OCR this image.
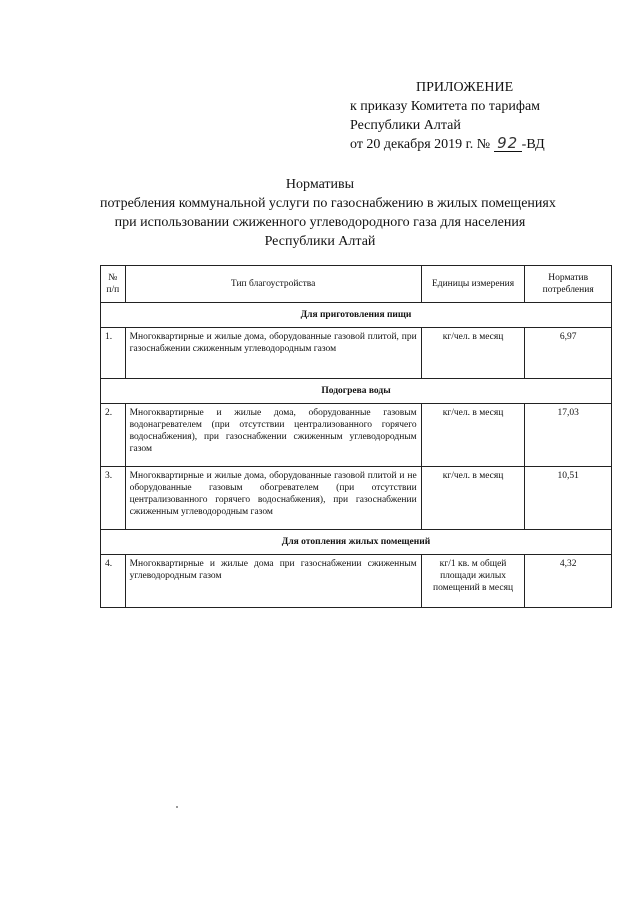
ПРИЛОЖЕНИЕ
к приказу Комитета по тарифам
Республики Алтай
от 20 декабря 2019 г. № 92 -ВД
Нормативы
потребления коммунальной услуги по газоснабжению в жилых помещениях
при использовании сжиженного углеводородного газа для населения
Республики Алтай
№ п/п	Тип благоустройства	Единицы измерения	Норматив потребления
Для приготовления пищи			
1.	Многоквартирные и жилые дома, оборудованные газовой плитой, при газоснабжении сжиженным углеводородным газом	кг/чел. в месяц	6,97
Подогрева воды			
2.	Многоквартирные и жилые дома, оборудованные газовым водонагревателем (при отсутствии централизованного горячего водоснабжения), при газоснабжении сжиженным углеводородным газом	кг/чел. в месяц	17,03
3.	Многоквартирные и жилые дома, оборудованные газовой плитой и не оборудованные газовым обогревателем (при отсутствии централизованного горячего водоснабжения), при газоснабжении сжиженным углеводородным газом	кг/чел. в месяц	10,51
Для отопления жилых помещений			
4.	Многоквартирные и жилые дома при газоснабжении сжиженным углеводородным газом	кг/1 кв. м общей площади жилых помещений в месяц	4,32
